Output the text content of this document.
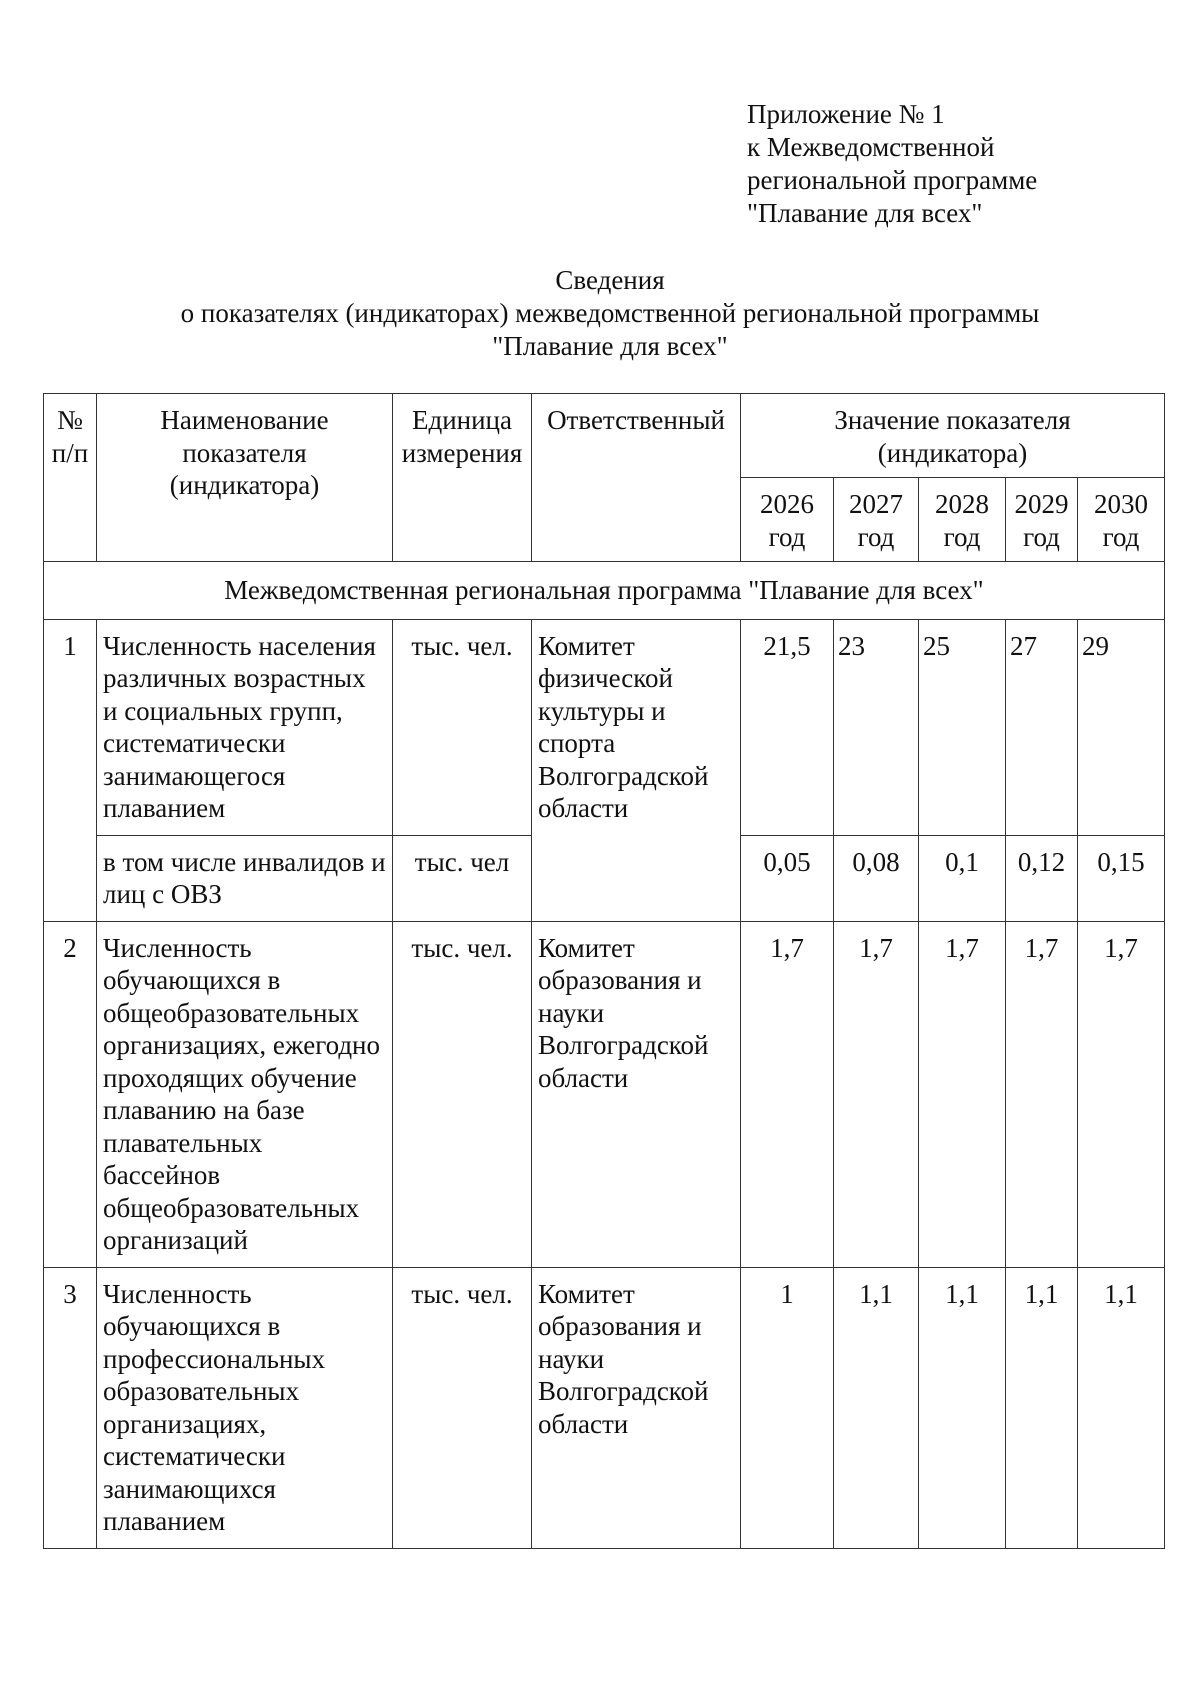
Приложение № 1
к Межведомственной
региональной программе
"Плавание для всех"
Сведения
о показателях (индикаторах) межведомственной региональной программы
"Плавание для всех"
№ п/п	Наименование показателя (индикатора)	Единица измерения	Ответственный	Значение показателя (индикатора)				
				2026 год	2027 год	2028 год	2029 год	2030 год
Межведомственная региональная программа "Плавание для всех"								
1	Численность населения различных возрастных и социальных групп, систематически занимающегося плаванием	тыс. чел.	Комитет физической культуры и спорта Волгоградской области	21,5	23	25	27	29
	в том числе инвалидов и лиц с ОВЗ	тыс. чел		0,05	0,08	0,1	0,12	0,15
2	Численность обучающихся в общеобразовательных организациях, ежегодно проходящих обучение плаванию на базе плавательных бассейнов общеобразовательных организаций	тыс. чел.	Комитет образования и науки Волгоградской области	1,7	1,7	1,7	1,7	1,7
3	Численность обучающихся в профессиональных образовательных организациях, систематически занимающихся плаванием	тыс. чел.	Комитет образования и науки Волгоградской области	1	1,1	1,1	1,1	1,1
